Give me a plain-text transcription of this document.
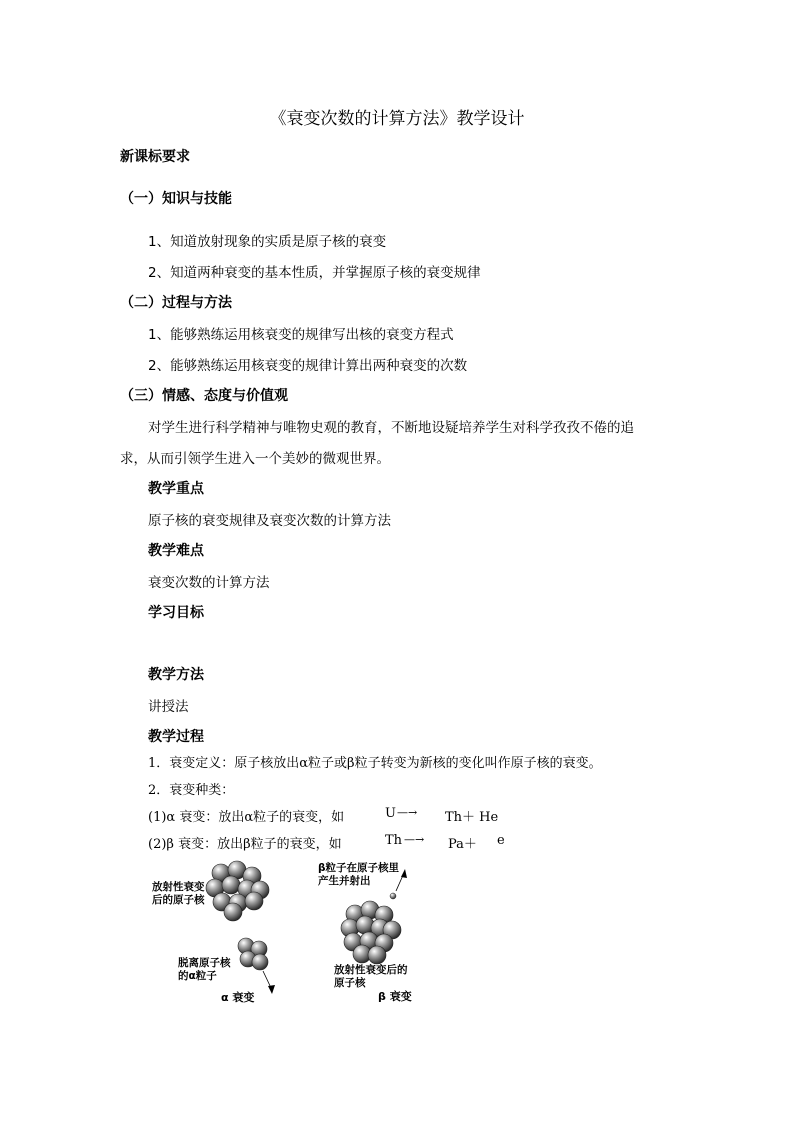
《衰变次数的计算方法》教学设计
新课标要求
（一）知识与技能
1、知道放射现象的实质是原子核的衰变
2、知道两种衰变的基本性质，并掌握原子核的衰变规律
（二）过程与方法
1、能够熟练运用核衰变的规律写出核的衰变方程式
2、能够熟练运用核衰变的规律计算出两种衰变的次数
（三）情感、态度与价值观
对学生进行科学精神与唯物史观的教育，不断地设疑培养学生对科学孜孜不倦的追
求，从而引领学生进入一个美妙的微观世界。
教学重点
原子核的衰变规律及衰变次数的计算方法
教学难点
衰变次数的计算方法
学习目标
教学方法
讲授法
教学过程
1．衰变定义：原子核放出α粒子或β粒子转变为新核的变化叫作原子核的衰变。
2．衰变种类：
(1)α 衰变：放出α粒子的衰变，如	U —→ Th＋ He
(2)β 衰变：放出β粒子的衰变，如	Th —→ Pa＋ e
放射性衰变后的原子核
脱离原子核的α粒子
α 衰变
β粒子在原子核里产生并射出
放射性衰变后的原子核
β 衰变
